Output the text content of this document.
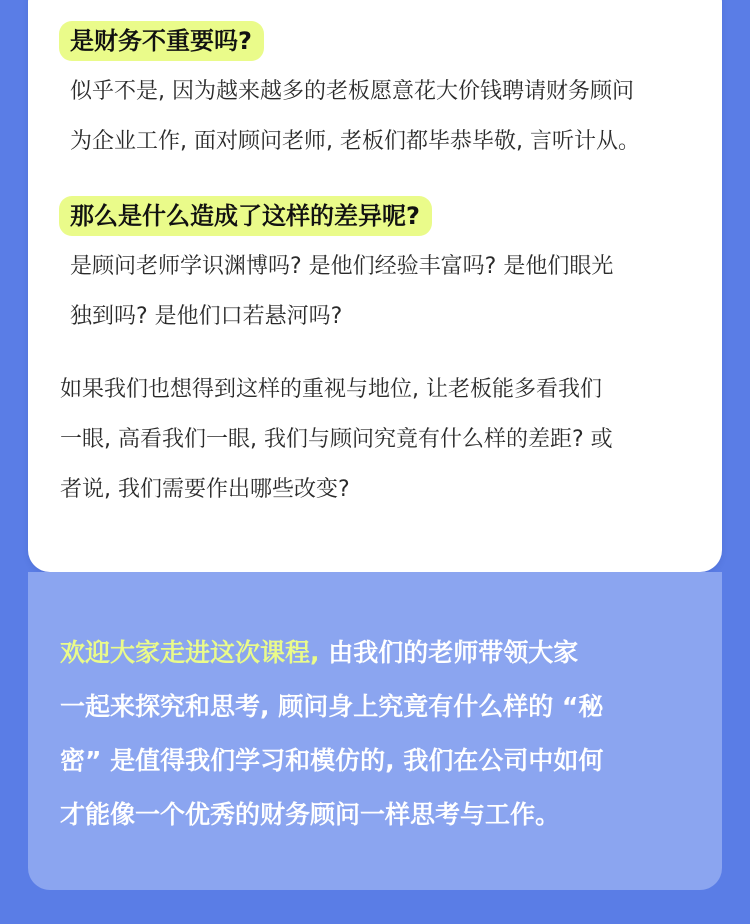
是财务不重要吗?
似乎不是, 因为越来越多的老板愿意花大价钱聘请财务顾问
为企业工作, 面对顾问老师, 老板们都毕恭毕敬, 言听计从。
那么是什么造成了这样的差异呢?
是顾问老师学识渊博吗? 是他们经验丰富吗? 是他们眼光
独到吗? 是他们口若悬河吗?
如果我们也想得到这样的重视与地位, 让老板能多看我们
一眼, 高看我们一眼, 我们与顾问究竟有什么样的差距? 或
者说, 我们需要作出哪些改变?
欢迎大家走进这次课程, 由我们的老师带领大家
一起来探究和思考, 顾问身上究竟有什么样的 “秘
密” 是值得我们学习和模仿的, 我们在公司中如何
才能像一个优秀的财务顾问一样思考与工作。
